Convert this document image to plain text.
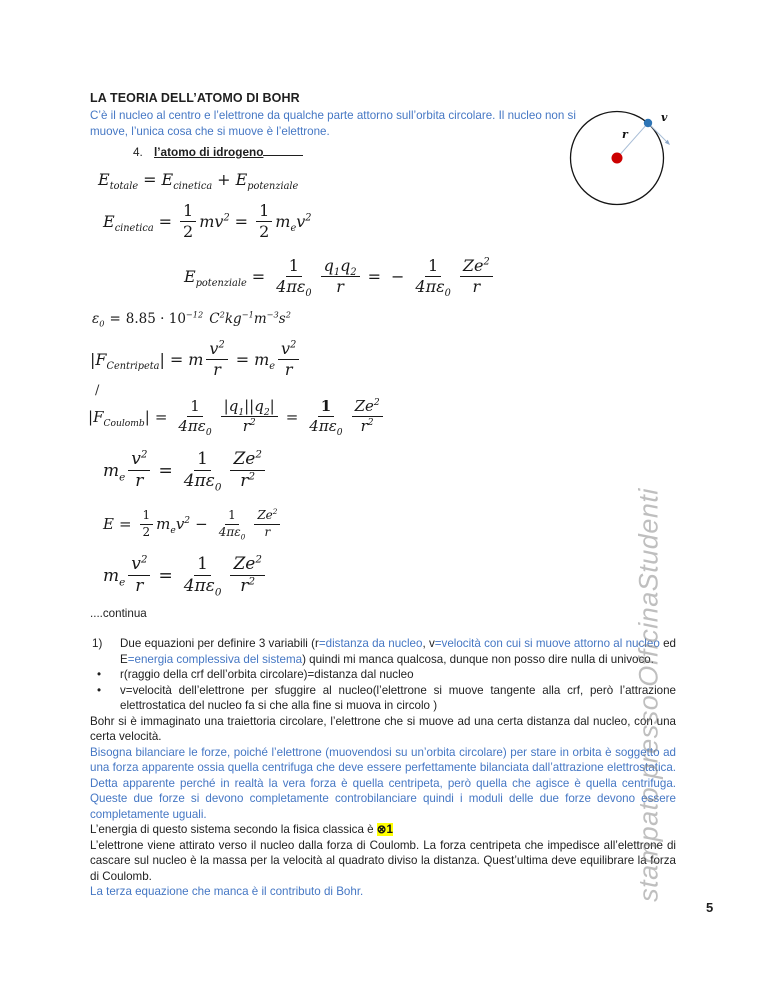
r
v
stampato presso OfficinaStudenti
LA TEORIA DELL’ATOMO DI BOHR

C’è il nucleo al centro e l’elettrone da qualche parte attorno sull’orbita circolare. Il nucleo non si muove, l’unica cosa che si muove è l’elettrone.

4. l’atomo di idrogeno
$E_{totale} = E_{cinetica} + E_{potenziale}$
$E_{cinetica} = \frac{1}{2}$ m $v^2 = \frac{1}{2} m_e$ $v^2$
$E_{potenziale} = \frac{1}{4\pi\varepsilon_0} \frac{q_1 q_2}{r}$ = − $\frac{1}{4\pi\varepsilon_0} \frac{Ze^2}{r}$
$\varepsilon_0 = 8.85 \cdot 10^{-12}$ $C^2$ $kg^{-1}$ $m^{-3}$ $s^2$
| $F_{Centripeta}$ | = m $\frac{v^2}{r} = m_e \frac{v^2}{r}$
/
| $F_{Coulomb}$ | = $\frac{1}{4\pi\varepsilon_0} \frac{|q_1 ||q_2 |}{r^2} = \frac{1}{4\pi\varepsilon_0} \frac{Ze^2}{r^2}$
$m_e \frac{v^2}{r} = \frac{1}{4\pi\varepsilon_0} \frac{Ze^2}{r^2}$
$E = \frac{1}{2} m_e$ $v^2 - \frac{1}{4\pi\varepsilon_0} \frac{Ze^2}{r}$
$m_e \frac{v^2}{r} = \frac{1}{4\pi\varepsilon_0} \frac{Ze^2}{r^2}$
....continua
1)	Due equazioni per definire 3 variabili (r=distanza da nucleo, v=velocità con cui si muove attorno al nucleo ed E=energia complessiva del sistema) quindi mi manca qualcosa, dunque non posso dire nulla di univoco.
•	r(raggio della crf dell’orbita circolare)=distanza dal nucleo
•	v=velocità dell’elettrone per sfuggire al nucleo(l’elettrone si muove tangente alla crf, però l’attrazione elettrostatica del nucleo fa si che alla fine si muova in circolo )
Bohr si è immaginato una traiettoria circolare, l’elettrone che si muove ad una certa distanza dal nucleo, con una certa velocità.
Bisogna bilanciare le forze, poiché l’elettrone (muovendosi su un’orbita circolare) per stare in orbita è soggetto ad una forza apparente ossia quella centrifuga che deve essere perfettamente bilanciata dall’attrazione elettrostatica. Detta apparente perché in realtà la vera forza è quella centripeta, però quella che agisce è quella centrifuga. Queste due forze si devono completamente controbilanciare quindi i moduli delle due forze devono essere completamente uguali.
L’energia di questo sistema secondo la fisica classica è ⊗1
L’elettrone viene attirato verso il nucleo dalla forza di Coulomb. La forza centripeta che impedisce all’elettrone di cascare sul nucleo è la massa per la velocità al quadrato diviso la distanza. Quest’ultima deve equilibrare la forza di Coulomb.
La terza equazione che manca è il contributo di Bohr.
5
